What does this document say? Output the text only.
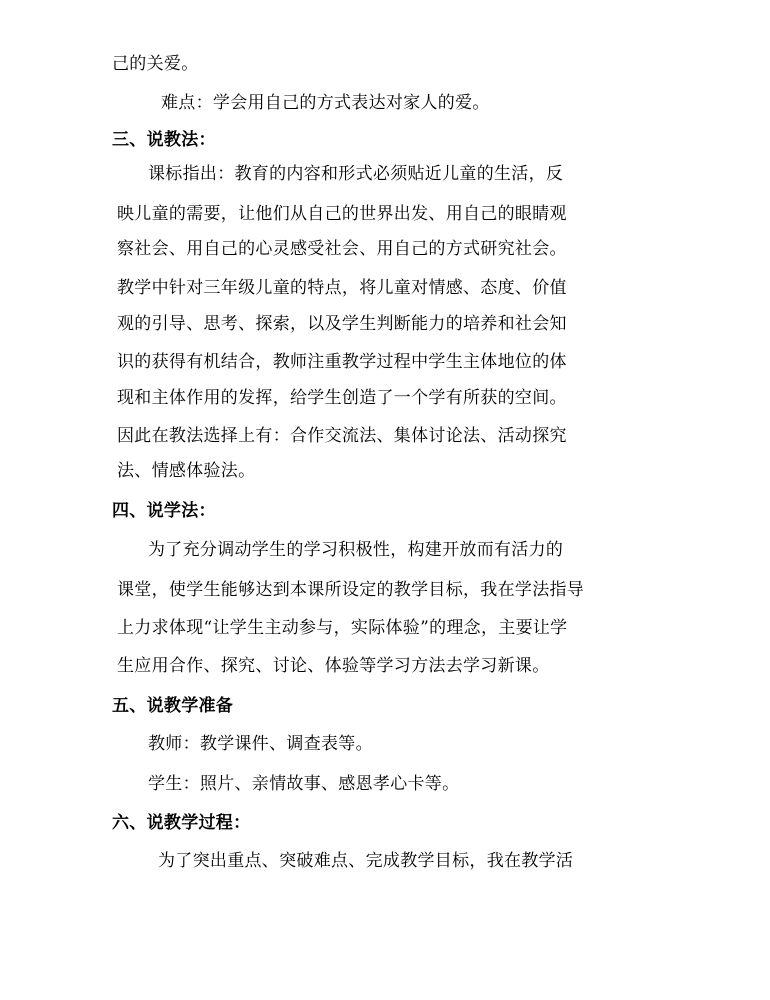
己的关爱。
难点：学会用自己的方式表达对家人的爱。
三、说教法：
课标指出：教育的内容和形式必须贴近儿童的生活，反
映儿童的需要，让他们从自己的世界出发、用自己的眼睛观
察社会、用自己的心灵感受社会、用自己的方式研究社会。
教学中针对三年级儿童的特点，将儿童对情感、态度、价值
观的引导、思考、探索，以及学生判断能力的培养和社会知
识的获得有机结合，教师注重教学过程中学生主体地位的体
现和主体作用的发挥，给学生创造了一个学有所获的空间。
因此在教法选择上有：合作交流法、集体讨论法、活动探究
法、情感体验法。
四、说学法：
为了充分调动学生的学习积极性，构建开放而有活力的
课堂，使学生能够达到本课所设定的教学目标，我在学法指导
上力求体现“让学生主动参与，实际体验”的理念，主要让学
生应用合作、探究、讨论、体验等学习方法去学习新课。
五、说教学准备
教师：教学课件、调查表等。
学生：照片、亲情故事、感恩孝心卡等。
六、说教学过程：
为了突出重点、突破难点、完成教学目标，我在教学活
